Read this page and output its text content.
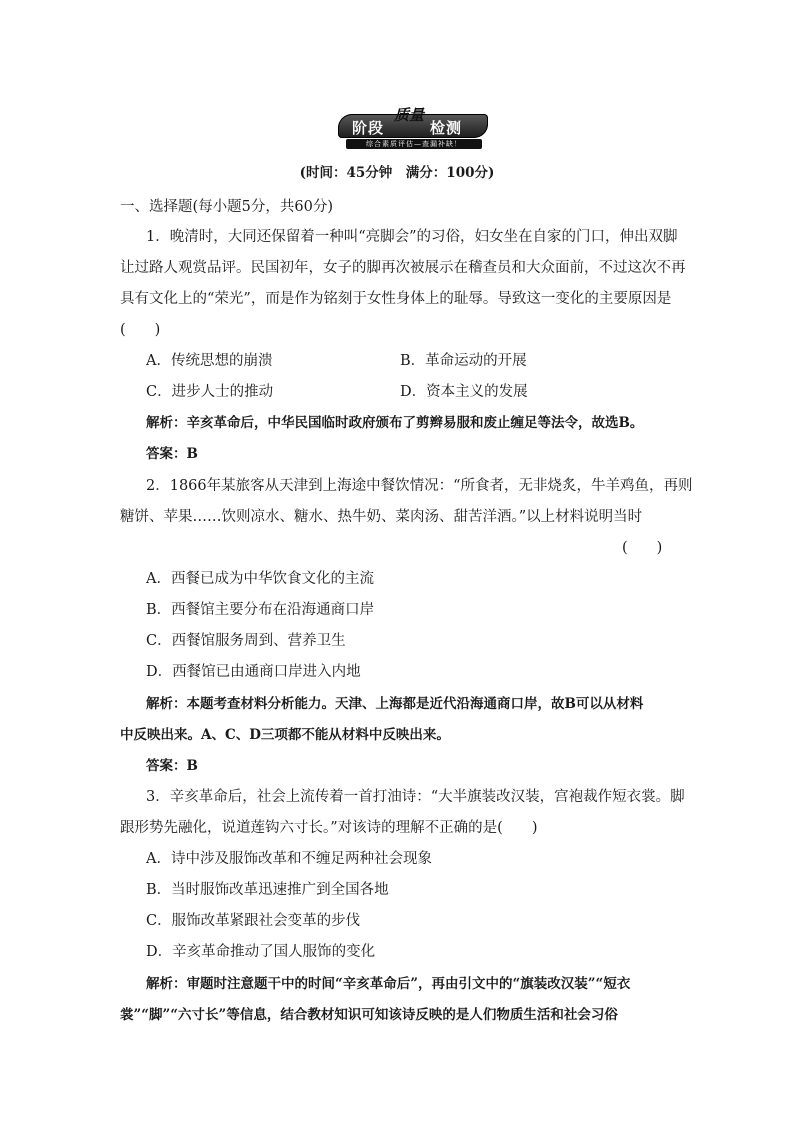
阶段
质量
检测
综合素质评估—查漏补缺！
(时间：45分钟　满分：100分)
一、选择题(每小题5分，共60分)
1．晚清时，大同还保留着一种叫“亮脚会”的习俗，妇女坐在自家的门口，伸出双脚
让过路人观赏品评。民国初年，女子的脚再次被展示在稽查员和大众面前，不过这次不再
具有文化上的“荣光”，而是作为铭刻于女性身体上的耻辱。导致这一变化的主要原因是
(　　)
A．传统思想的崩溃	B．革命运动的开展
C．进步人士的推动	D．资本主义的发展
解析：辛亥革命后，中华民国临时政府颁布了剪辫易服和废止缠足等法令，故选B。
答案：B
2．1866年某旅客从天津到上海途中餐饮情况：“所食者，无非烧炙，牛羊鸡鱼，再则
糖饼、苹果……饮则凉水、糖水、热牛奶、菜肉汤、甜苦洋酒。”以上材料说明当时
(　　)
A．西餐已成为中华饮食文化的主流
B．西餐馆主要分布在沿海通商口岸
C．西餐馆服务周到、营养卫生
D．西餐馆已由通商口岸进入内地
解析：本题考查材料分析能力。天津、上海都是近代沿海通商口岸，故B可以从材料
中反映出来。A、C、D三项都不能从材料中反映出来。
答案：B
3．辛亥革命后，社会上流传着一首打油诗：“大半旗装改汉装，宫袍裁作短衣裳。脚
跟形势先融化，说道莲钩六寸长。”对该诗的理解不正确的是(　　)
A．诗中涉及服饰改革和不缠足两种社会现象
B．当时服饰改革迅速推广到全国各地
C．服饰改革紧跟社会变革的步伐
D．辛亥革命推动了国人服饰的变化
解析：审题时注意题干中的时间“辛亥革命后”，再由引文中的“旗装改汉装”“短衣
裳”“脚”“六寸长”等信息，结合教材知识可知该诗反映的是人们物质生活和社会习俗
